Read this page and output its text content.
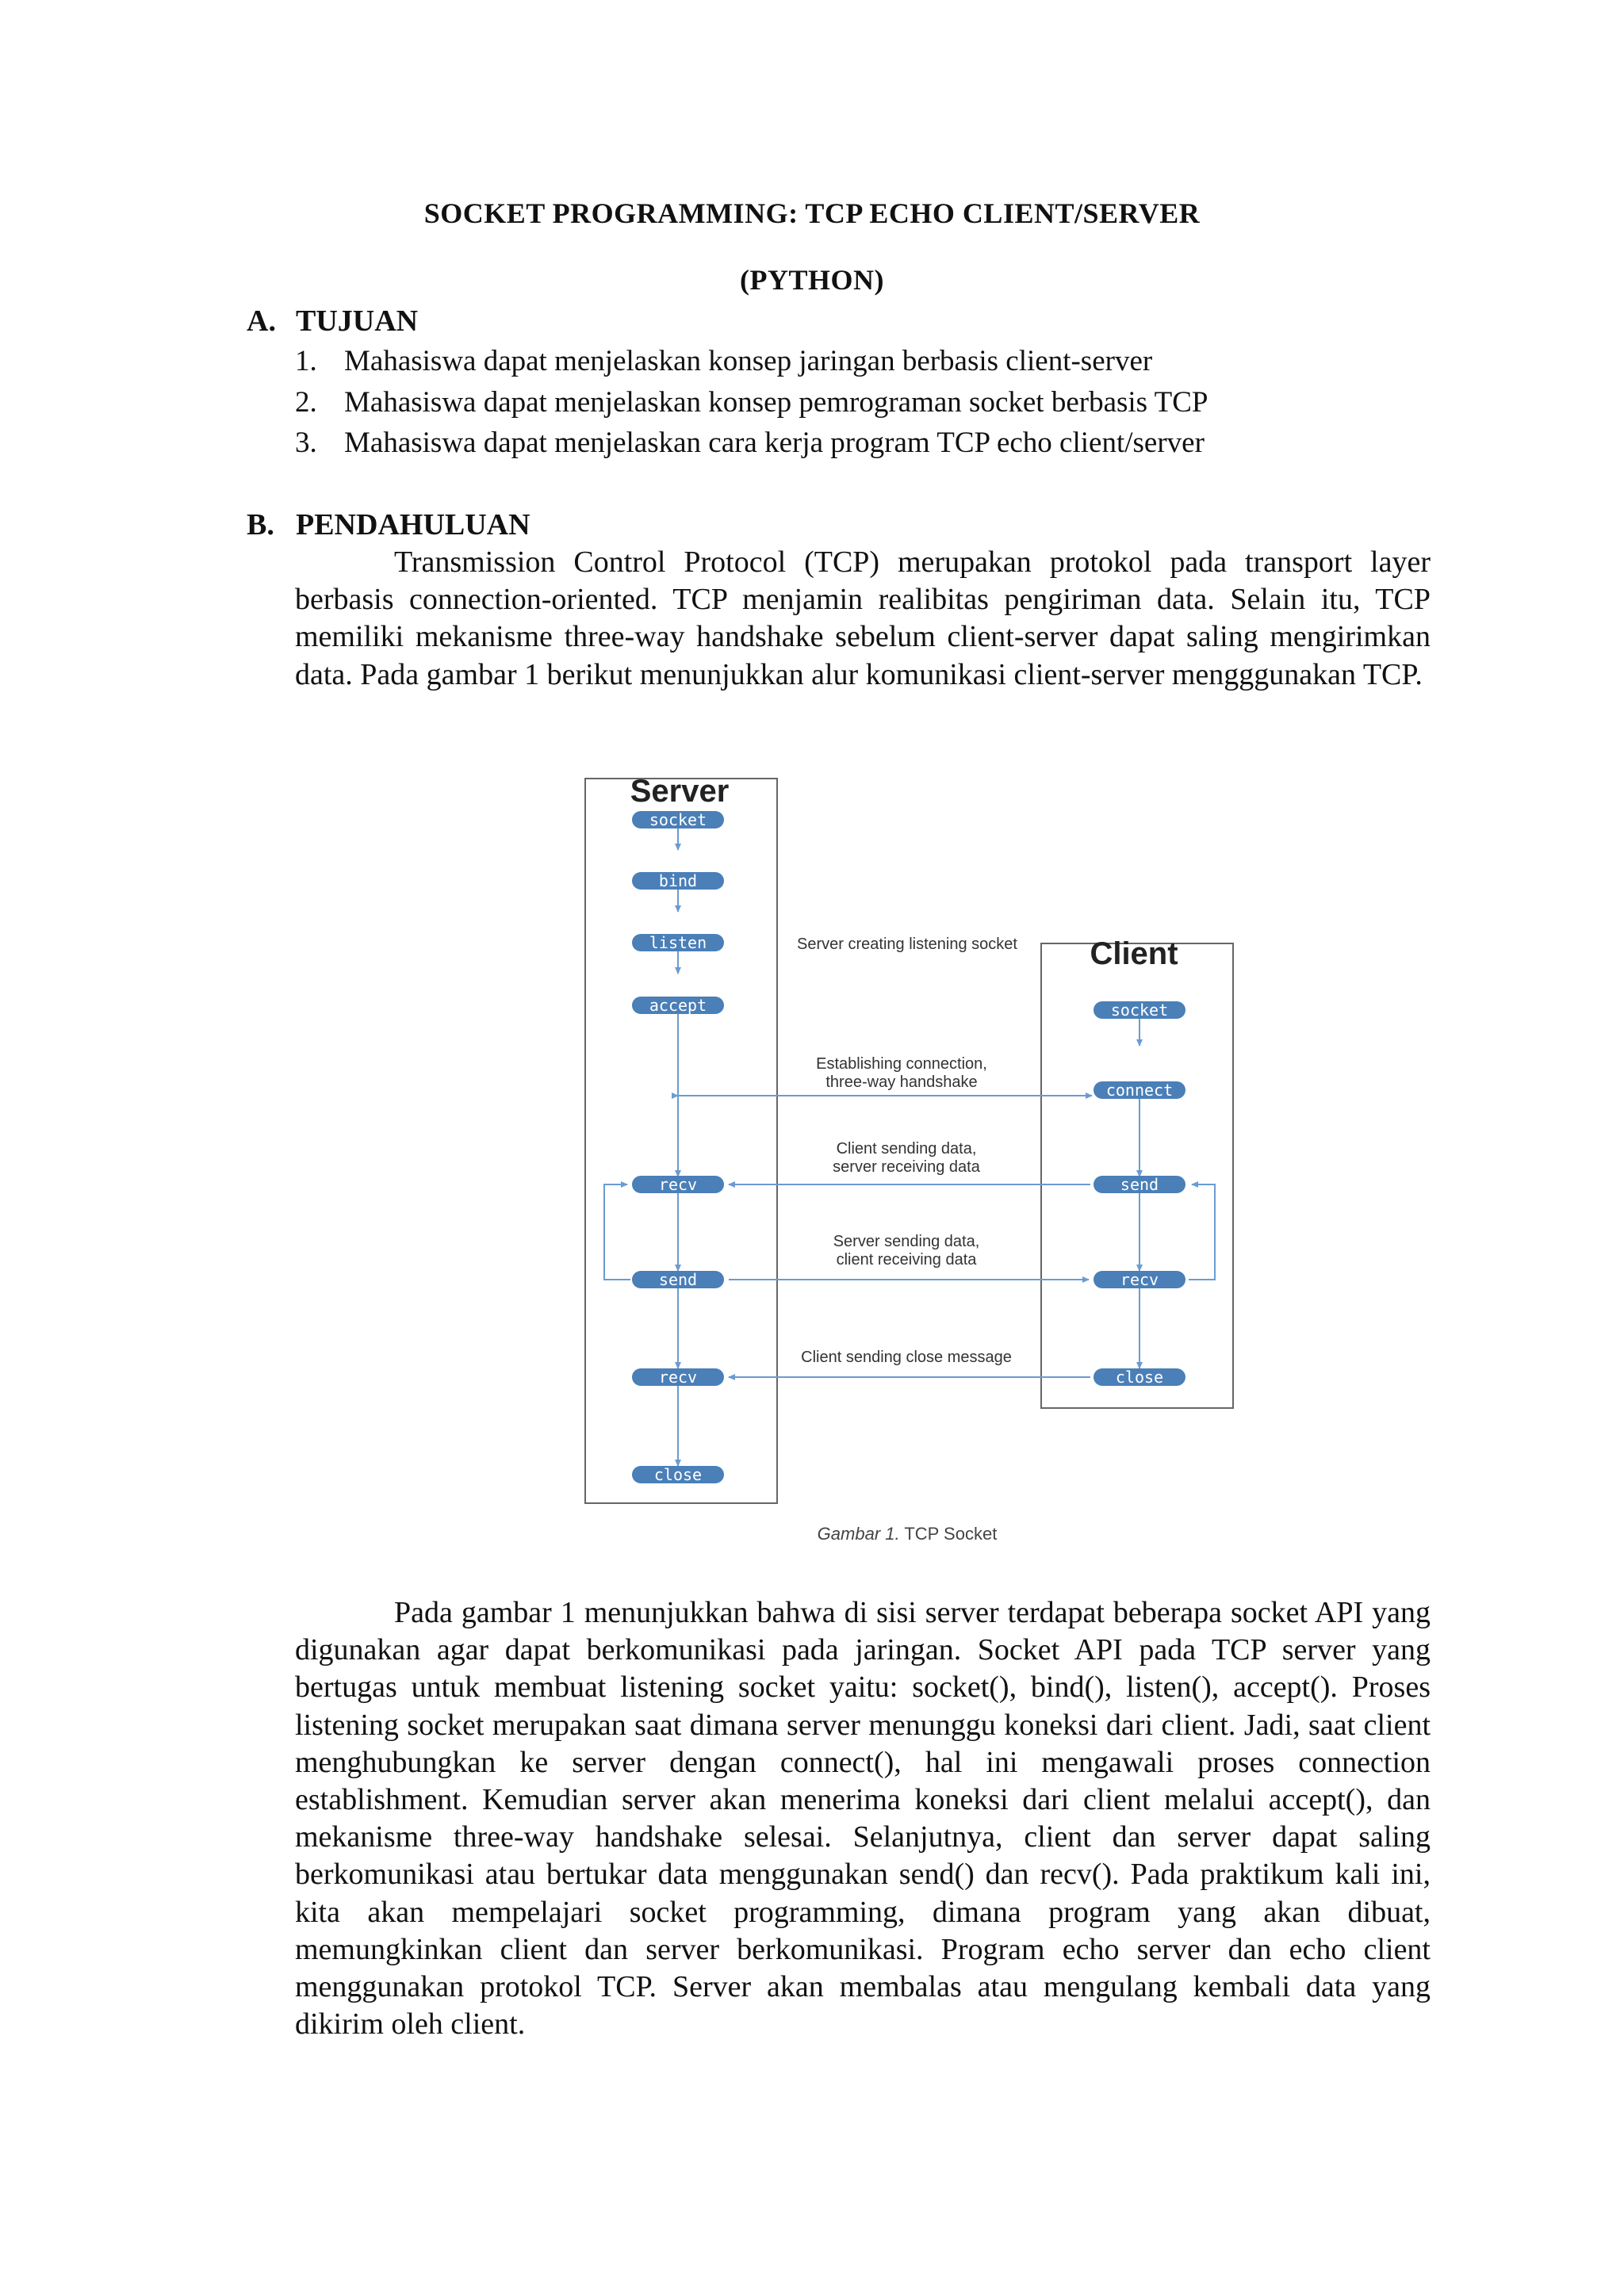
SOCKET PROGRAMMING: TCP ECHO CLIENT/SERVER
(PYTHON)
A. TUJUAN
1. Mahasiswa dapat menjelaskan konsep jaringan berbasis client-server
2. Mahasiswa dapat menjelaskan konsep pemrograman socket berbasis TCP
3. Mahasiswa dapat menjelaskan cara kerja program TCP echo client/server
B. PENDAHULUAN

Transmission Control Protocol (TCP) merupakan protokol pada transport layer berbasis connection-oriented. TCP menjamin realibitas pengiriman data. Selain itu, TCP memiliki mekanisme three-way handshake sebelum client-server dapat saling mengirimkan data. Pada gambar 1 berikut menunjukkan alur komunikasi client-server mengggunakan TCP.

Server
Client
socket
bind
listen
accept
recv
send
recv
close
socket
connect
send
recv
close
Server creating listening socket
Establishing connection,
three-way handshake
Client sending data,
server receiving data
Server sending data,
client receiving data
Client sending close message
Gambar 1. TCP Socket

Pada gambar 1 menunjukkan bahwa di sisi server terdapat beberapa socket API yang digunakan agar dapat berkomunikasi pada jaringan. Socket API pada TCP server yang bertugas untuk membuat listening socket yaitu: socket(), bind(), listen(), accept(). Proses listening socket merupakan saat dimana server menunggu koneksi dari client. Jadi, saat client menghubungkan ke server dengan connect(), hal ini mengawali proses connection establishment. Kemudian server akan menerima koneksi dari client melalui accept(), dan mekanisme three-way handshake selesai. Selanjutnya, client dan server dapat saling berkomunikasi atau bertukar data menggunakan send() dan recv(). Pada praktikum kali ini, kita akan mempelajari socket programming, dimana program yang akan dibuat, memungkinkan client dan server berkomunikasi. Program echo server dan echo client menggunakan protokol TCP. Server akan membalas atau mengulang kembali data yang dikirim oleh client.
